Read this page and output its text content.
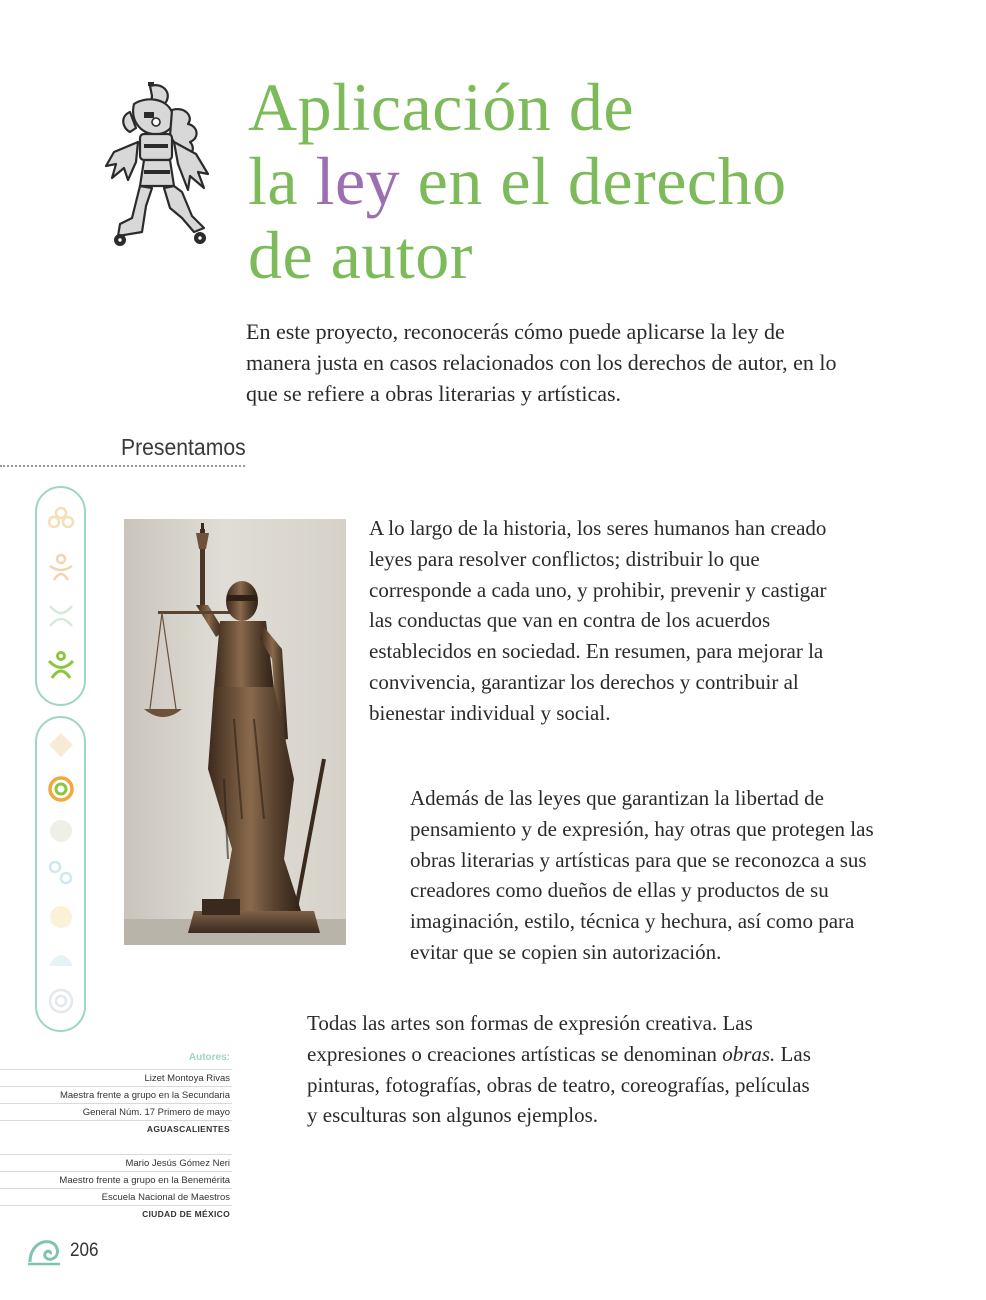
Aplicación de
la ley en el derecho
de autor

En este proyecto, reconocerás cómo puede aplicarse la ley de manera justa en casos relacionados con los derechos de autor, en lo que se refiere a obras literarias y artísticas.

Presentamos

A lo largo de la historia, los seres humanos han creado leyes para resolver conflictos; distribuir lo que corresponde a cada uno, y prohibir, prevenir y castigar las conductas que van en contra de los acuerdos establecidos en sociedad. En resumen, para mejorar la convivencia, garantizar los derechos y contribuir al bienestar individual y social.

Además de las leyes que garantizan la libertad de pensamiento y de expresión, hay otras que protegen las obras literarias y artísticas para que se reconozca a sus creadores como dueños de ellas y productos de su imaginación, estilo, técnica y hechura, así como para evitar que se copien sin autorización.

Todas las artes son formas de expresión creativa. Las expresiones o creaciones artísticas se denominan obras. Las pinturas, fotografías, obras de teatro, coreografías, películas y esculturas son algunos ejemplos.

Autores:
Lizet Montoya Rivas
Maestra frente a grupo en la Secundaria
General Núm. 17 Primero de mayo
AGUASCALIENTES
Mario Jesús Gómez Neri
Maestro frente a grupo en la Benemérita
Escuela Nacional de Maestros
CIUDAD DE MÉXICO

206
